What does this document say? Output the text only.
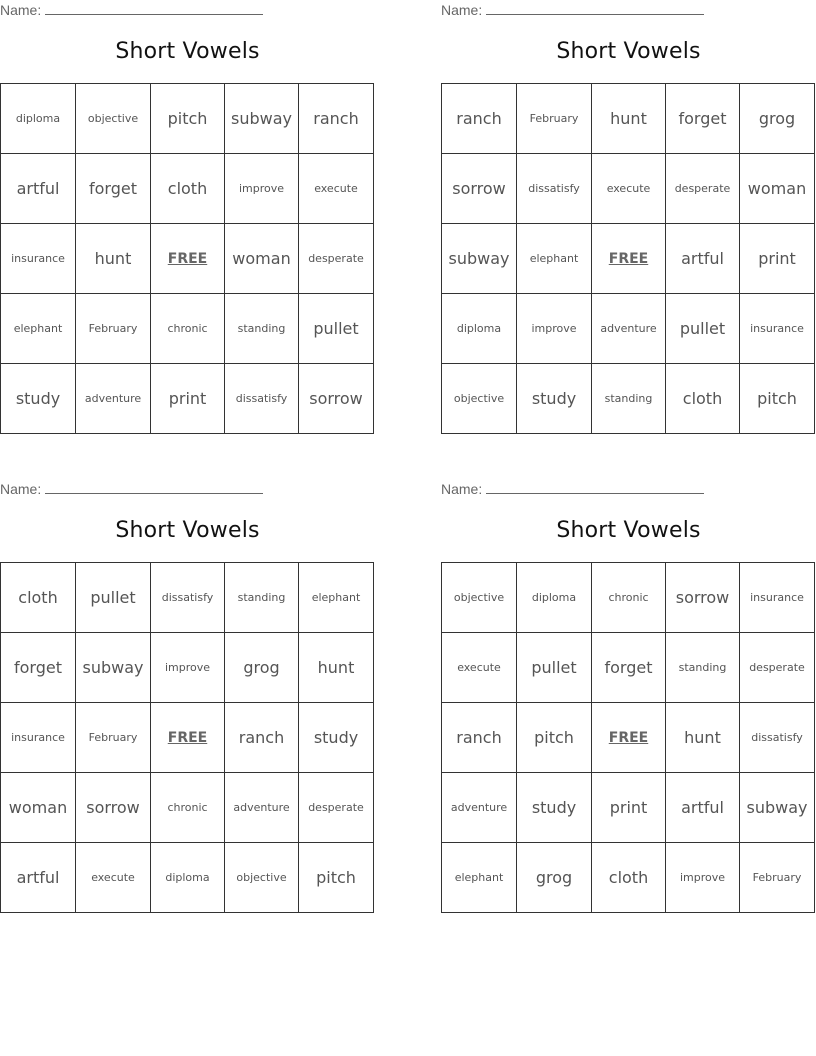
Name:
Short Vowels
diploma	objective	pitch	subway	ranch
artful	forget	cloth	improve	execute
insurance	hunt	FREE	woman	desperate
elephant	February	chronic	standing	pullet
study	adventure	print	dissatisfy	sorrow
Name:
Short Vowels
ranch	February	hunt	forget	grog
sorrow	dissatisfy	execute	desperate	woman
subway	elephant	FREE	artful	print
diploma	improve	adventure	pullet	insurance
objective	study	standing	cloth	pitch
Name:
Short Vowels
cloth	pullet	dissatisfy	standing	elephant
forget	subway	improve	grog	hunt
insurance	February	FREE	ranch	study
woman	sorrow	chronic	adventure	desperate
artful	execute	diploma	objective	pitch
Name:
Short Vowels
objective	diploma	chronic	sorrow	insurance
execute	pullet	forget	standing	desperate
ranch	pitch	FREE	hunt	dissatisfy
adventure	study	print	artful	subway
elephant	grog	cloth	improve	February
